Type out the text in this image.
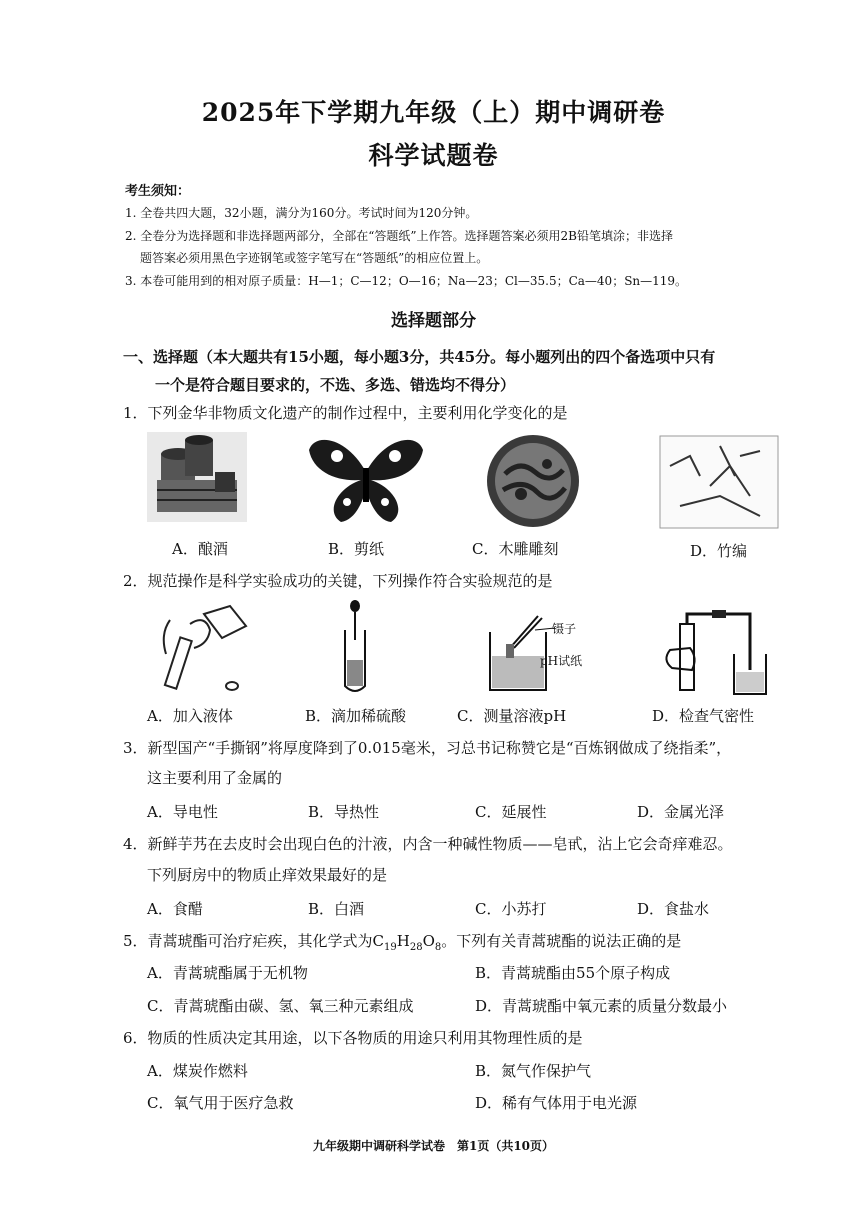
2025年下学期九年级（上）期中调研卷
科学试题卷
考生须知：
1. 全卷共四大题，32小题，满分为160分。考试时间为120分钟。
2. 全卷分为选择题和非选择题两部分，全部在“答题纸”上作答。选择题答案必须用2B铅笔填涂；非选择
题答案必须用黑色字迹钢笔或签字笔写在“答题纸”的相应位置上。
3. 本卷可能用到的相对原子质量：H—1；C—12；O—16；Na—23；Cl—35.5；Ca—40；Sn—119。
选择题部分
一、选择题（本大题共有15小题，每小题3分，共45分。每小题列出的四个备选项中只有
一个是符合题目要求的，不选、多选、错选均不得分）
1．下列金华非物质文化遗产的制作过程中，主要利用化学变化的是
A．酿酒	B．剪纸	C．木雕雕刻	D．竹编
2．规范操作是科学实验成功的关键，下列操作符合实验规范的是
镊子
pH试纸
A．加入液体	B．滴加稀硫酸	C．测量溶液pH	D．检查气密性
3．新型国产“手撕钢”将厚度降到了0.015毫米，习总书记称赞它是“百炼钢做成了绕指柔”，
这主要利用了金属的
A．导电性	B．导热性	C．延展性	D．金属光泽
4．新鲜芋艿在去皮时会出现白色的汁液，内含一种碱性物质——皂甙，沾上它会奇痒难忍。
下列厨房中的物质止痒效果最好的是
A．食醋	B．白酒	C．小苏打	D．食盐水
5．青蒿琥酯可治疗疟疾，其化学式为$C_{19}H_{28}O_8$。下列有关青蒿琥酯的说法正确的是
A．青蒿琥酯属于无机物	B．青蒿琥酯由55个原子构成
C．青蒿琥酯由碳、氢、氧三种元素组成	D．青蒿琥酯中氧元素的质量分数最小
6．物质的性质决定其用途，以下各物质的用途只利用其物理性质的是
A．煤炭作燃料	B．氮气作保护气
C．氧气用于医疗急救	D．稀有气体用于电光源
九年级期中调研科学试卷　第1页（共10页）
